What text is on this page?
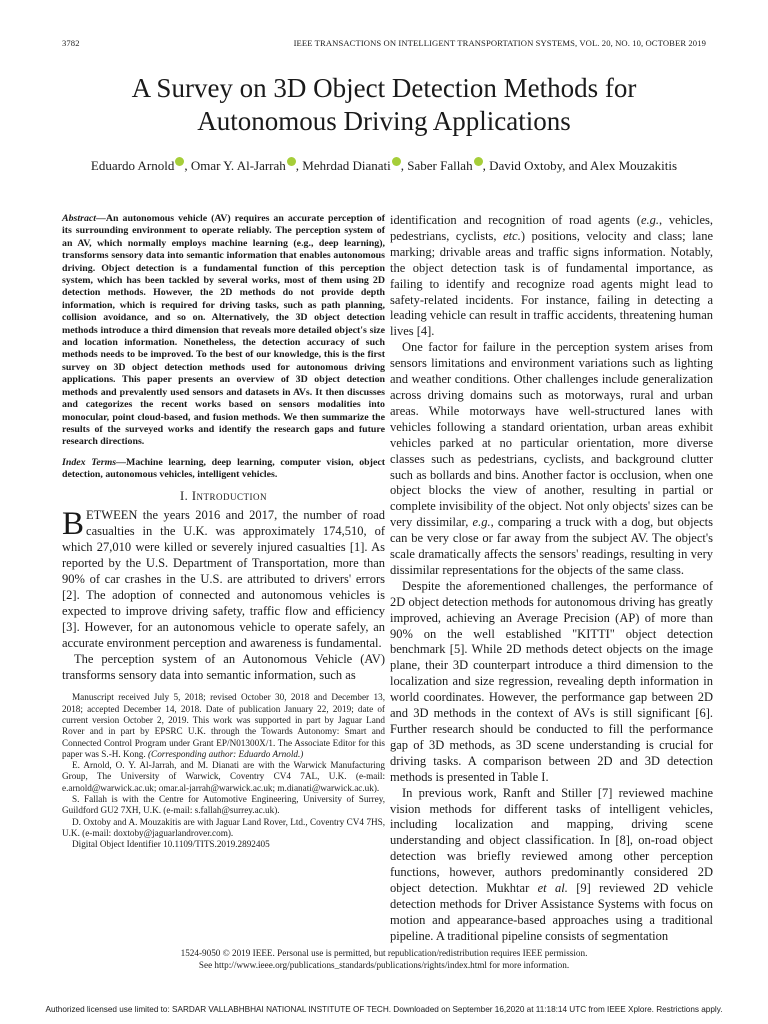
3782	IEEE TRANSACTIONS ON INTELLIGENT TRANSPORTATION SYSTEMS, VOL. 20, NO. 10, OCTOBER 2019
A Survey on 3D Object Detection Methods for
Autonomous Driving Applications
Eduardo Arnold , Omar Y. Al-Jarrah , Mehrdad Dianati , Saber Fallah , David Oxtoby, and Alex Mouzakitis
Abstract—An autonomous vehicle (AV) requires an accurate perception of its surrounding environment to operate reliably. The perception system of an AV, which normally employs machine learning (e.g., deep learning), transforms sensory data into semantic information that enables autonomous driving. Object detection is a fundamental function of this perception system, which has been tackled by several works, most of them using 2D detection methods. However, the 2D methods do not provide depth information, which is required for driving tasks, such as path planning, collision avoidance, and so on. Alternatively, the 3D object detection methods introduce a third dimension that reveals more detailed object's size and location information. Nonetheless, the detection accuracy of such methods needs to be improved. To the best of our knowledge, this is the first survey on 3D object detection methods used for autonomous driving applications. This paper presents an overview of 3D object detection methods and prevalently used sensors and datasets in AVs. It then discusses and categorizes the recent works based on sensors modalities into monocular, point cloud-based, and fusion methods. We then summarize the results of the surveyed works and identify the research gaps and future research directions.
Index Terms—Machine learning, deep learning, computer vision, object detection, autonomous vehicles, intelligent vehicles.
I. Introduction

BETWEEN the years 2016 and 2017, the number of road casualties in the U.K. was approximately 174,510, of which 27,010 were killed or severely injured casualties [1]. As reported by the U.S. Department of Transportation, more than 90% of car crashes in the U.S. are attributed to drivers' errors [2]. The adoption of connected and autonomous vehicles is expected to improve driving safety, traffic flow and efficiency [3]. However, for an autonomous vehicle to operate safely, an accurate environment perception and awareness is fundamental.

The perception system of an Autonomous Vehicle (AV) transforms sensory data into semantic information, such as

Manuscript received July 5, 2018; revised October 30, 2018 and December 13, 2018; accepted December 14, 2018. Date of publication January 22, 2019; date of current version October 2, 2019. This work was supported in part by Jaguar Land Rover and in part by EPSRC U.K. through the Towards Autonomy: Smart and Connected Control Program under Grant EP/N01300X/1. The Associate Editor for this paper was S.-H. Kong. (Corresponding author: Eduardo Arnold.)

E. Arnold, O. Y. Al-Jarrah, and M. Dianati are with the Warwick Manufacturing Group, The University of Warwick, Coventry CV4 7AL, U.K. (e-mail: e.arnold@warwick.ac.uk; omar.al-jarrah@warwick.ac.uk; m.dianati@warwick.ac.uk).

S. Fallah is with the Centre for Automotive Engineering, University of Surrey, Guildford GU2 7XH, U.K. (e-mail: s.fallah@surrey.ac.uk).

D. Oxtoby and A. Mouzakitis are with Jaguar Land Rover, Ltd., Coventry CV4 7HS, U.K. (e-mail: doxtoby@jaguarlandrover.com).

Digital Object Identifier 10.1109/TITS.2019.2892405

identification and recognition of road agents (e.g., vehicles, pedestrians, cyclists, etc.) positions, velocity and class; lane marking; drivable areas and traffic signs information. Notably, the object detection task is of fundamental importance, as failing to identify and recognize road agents might lead to safety-related incidents. For instance, failing in detecting a leading vehicle can result in traffic accidents, threatening human lives [4].

One factor for failure in the perception system arises from sensors limitations and environment variations such as lighting and weather conditions. Other challenges include generalization across driving domains such as motorways, rural and urban areas. While motorways have well-structured lanes with vehicles following a standard orientation, urban areas exhibit vehicles parked at no particular orientation, more diverse classes such as pedestrians, cyclists, and background clutter such as bollards and bins. Another factor is occlusion, when one object blocks the view of another, resulting in partial or complete invisibility of the object. Not only objects' sizes can be very dissimilar, e.g., comparing a truck with a dog, but objects can be very close or far away from the subject AV. The object's scale dramatically affects the sensors' readings, resulting in very dissimilar representations for the objects of the same class.

Despite the aforementioned challenges, the performance of 2D object detection methods for autonomous driving has greatly improved, achieving an Average Precision (AP) of more than 90% on the well established "KITTI" object detection benchmark [5]. While 2D methods detect objects on the image plane, their 3D counterpart introduce a third dimension to the localization and size regression, revealing depth information in world coordinates. However, the performance gap between 2D and 3D methods in the context of AVs is still significant [6]. Further research should be conducted to fill the performance gap of 3D methods, as 3D scene understanding is crucial for driving tasks. A comparison between 2D and 3D detection methods is presented in Table I.

In previous work, Ranft and Stiller [7] reviewed machine vision methods for different tasks of intelligent vehicles, including localization and mapping, driving scene understanding and object classification. In [8], on-road object detection was briefly reviewed among other perception functions, however, authors predominantly considered 2D object detection. Mukhtar et al. [9] reviewed 2D vehicle detection methods for Driver Assistance Systems with focus on motion and appearance-based approaches using a traditional pipeline. A traditional pipeline consists of segmentation

1524-9050 © 2019 IEEE. Personal use is permitted, but republication/redistribution requires IEEE permission.
See http://www.ieee.org/publications_standards/publications/rights/index.html for more information.
Authorized licensed use limited to: SARDAR VALLABHBHAI NATIONAL INSTITUTE OF TECH. Downloaded on September 16,2020 at 11:18:14 UTC from IEEE Xplore. Restrictions apply.
